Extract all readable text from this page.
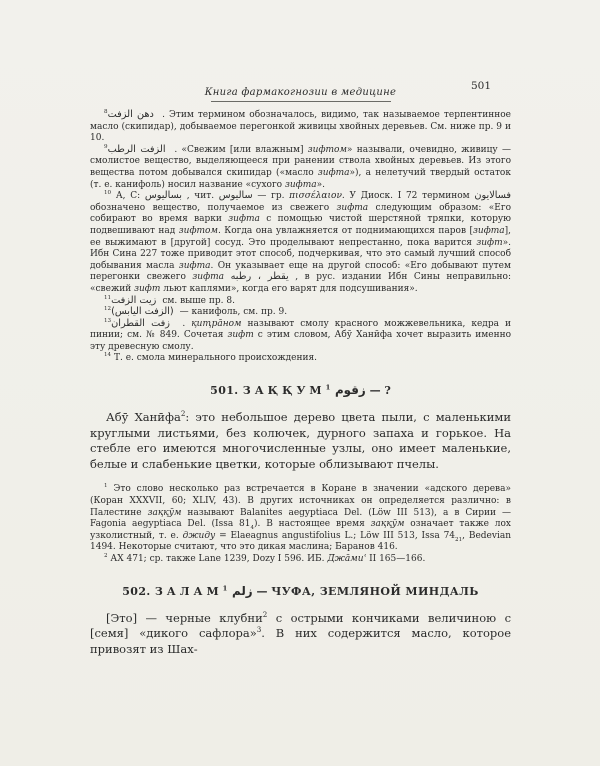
Книга фармакогнозии в медицине
501

$^8$ دهن الزفت . Этим термином обозначалось, видимо, так называемое терпентинное масло (скипидар), добываемое перегонкой живицы хвойных деревьев. См. ниже пр. 9 и 10.

$^9$ الزفت الرطب . «Свежим [или влажным] зифтом» называли, очевидно, живицу — смолистое вещество, выделяющееся при ранении ствола хвойных деревьев. Из этого вещества потом добывался скипидар («масло зифта»), а нелетучий твердый остаток (т. е. канифоль) носил название «сухого зифта».

$^{10}$ А, С: بساليوس , чит. ساليوس — гр. πισσέλαιον. У Диоск. I 72 термином فسالايون обозначено вещество, получаемое из свежего зифта следующим образом: «Его собирают во время варки зифта с помощью чистой шерстяной тряпки, которую подвешивают над зифтом. Когда она увлажняется от поднимающихся паров [зифта], ее выжимают в [другой] сосуд. Это проделывают непрестанно, пока варится зифт». Ибн Сина 227 тоже приводит этот способ, подчеркивая, что это самый лучший способ добывания масла зифта. Он указывает еще на другой способ: «Его добывают путем перегонки свежего зифта يقطر ، رطبه , в рус. издании Ибн Сины неправильно: «свежий зифт льют каплями», когда его варят для подсушивания».

$^{11}$ زيت الزفت см. выше пр. 8.

$^{12}$ (الزفت اليابس) — канифоль, см. пр. 9.

$^{13}$ زفت القطران . қиҭрāном называют смолу красного можжевельника, кедра и пинии; см. № 849. Сочетая зифт с этим словом, Абӯ Ханӣфа хочет выразить именно эту древесную смолу.

$^{14}$ Т. е. смола минерального происхождения.

501. ЗАҚҚУМ$^1$ زقوم — ?

Абӯ Ханӣфа$^2$: это небольшое дерево цвета пыли, с маленькими круглыми листьями, без колючек, дурного запаха и горькое. На стебле его имеются многочисленные узлы, оно имеет маленькие, белые и слабенькие цветки, которые облизывают пчелы.

$^1$ Это слово несколько раз встречается в Коране в значении «адского дерева» (Коран XXXVII, 60; XLIV, 43). В других источниках он определяется различно: в Палестине заққӯм называют Balanites aegyptiaca Del. (Löw III 513), а в Сирии — Fagonia aegyptiaca Del. (Issa $81_4$). В настоящее время заққӯм означает также лох узколистный, т. е. джиду = Elaeagnus angustifolius L.; Löw III 513, Issa $74_{21}$, Bedevian 1494. Некоторые считают, что это дикая маслина; Баранов 416.

$^2$ АХ 471; ср. также Lane 1239, Dozy I 596. ИБ. Джāмиʿ II 165—166.

502. ЗАЛАМ$^1$ زلم — ЧУФА, ЗЕМЛЯНОЙ МИНДАЛЬ

[Это] — черные клубни$^2$ с острыми кончиками величиною с [семя] «дикого сафлора»$^3$. В них содержится масло, которое привозят из Шах-
